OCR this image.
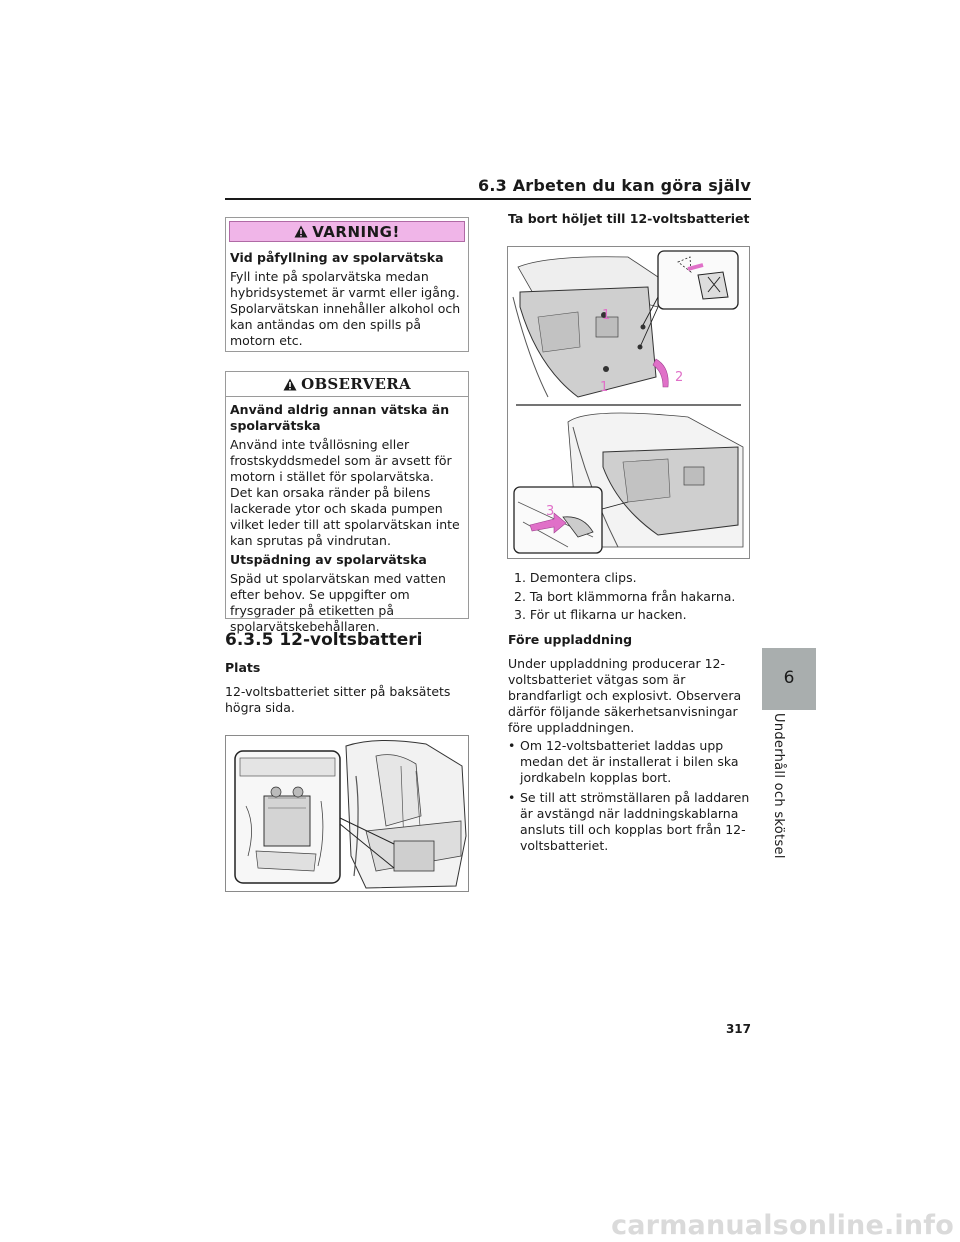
6.3 Arbeten du kan göra själv
VARNING!
Vid påfyllning av spolarvätska

Fyll inte på spolarvätska medan hybridsystemet är varmt eller igång. Spolarvätskan innehåller alkohol och kan antändas om den spills på motorn etc.

OBSERVERA
Använd aldrig annan vätska än spolarvätska

Använd inte tvållösning eller frostskyddsmedel som är avsett för motorn i stället för spolarvätska.

Det kan orsaka ränder på bilens lackerade ytor och skada pumpen vilket leder till att spolarvätskan inte kan sprutas på vindrutan.

Utspädning av spolarvätska

Späd ut spolarvätskan med vatten efter behov. Se uppgifter om frysgrader på etiketten på spolarvätskebehållaren.

6.3.5 12-voltsbatteri
Plats
12-voltsbatteriet sitter på baksätets högra sida.
Ta bort höljet till 12-voltsbatteriet
1
1
2
3
1. Demontera clips.
2. Ta bort klämmorna från hakarna.
3. För ut flikarna ur hacken.
Före uppladdning
Under uppladdning producerar 12-voltsbatteriet vätgas som är brandfarligt och explosivt. Observera därför följande säkerhetsanvisningar före uppladdningen.
• Om 12-voltsbatteriet laddas upp medan det är installerat i bilen ska jordkabeln kopplas bort.
• Se till att strömställaren på laddaren är avstängd när laddningskablarna ansluts till och kopplas bort från 12-voltsbatteriet.
6
Underhåll och skötsel
317
carmanualsonline.info
